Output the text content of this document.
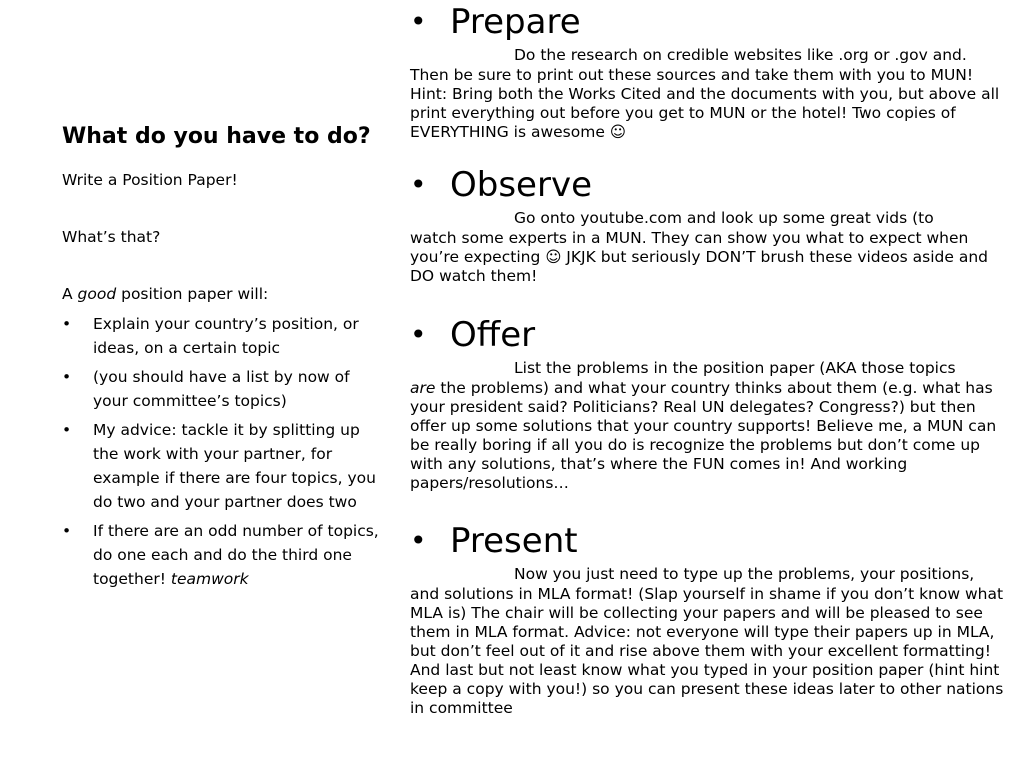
What do you have to do?

Write a Position Paper!

What’s that?

A good position paper will:

• Explain your country’s position, or ideas, on a certain topic
• (you should have a list by now of your committee’s topics)
• My advice: tackle it by splitting up the work with your partner, for example if there are four topics, you do two and your partner does two
• If there are an odd number of topics, do one each and do the third one together! teamwork
• Prepare

Do the research on credible websites like .org or .gov and.
Then be sure to print out these sources and take them with you to MUN! Hint: Bring both the Works Cited and the documents with you, but above all print everything out before you get to MUN or the hotel! Two copies of EVERYTHING is awesome ☺

• Observe

Go onto youtube.com and look up some great vids (to
watch some experts in a MUN. They can show you what to expect when you’re expecting ☺ JKJK but seriously DON’T brush these videos aside and DO watch them!

• Offer

List the problems in the position paper (AKA those topics
are the problems) and what your country thinks about them (e.g. what has your president said? Politicians? Real UN delegates? Congress?) but then offer up some solutions that your country supports! Believe me, a MUN can be really boring if all you do is recognize the problems but don’t come up with any solutions, that’s where the FUN comes in! And working papers/resolutions…

• Present

Now you just need to type up the problems, your positions,
and solutions in MLA format! (Slap yourself in shame if you don’t know what MLA is) The chair will be collecting your papers and will be pleased to see them in MLA format. Advice: not everyone will type their papers up in MLA, but don’t feel out of it and rise above them with your excellent formatting! And last but not least know what you typed in your position paper (hint hint keep a copy with you!) so you can present these ideas later to other nations in committee
